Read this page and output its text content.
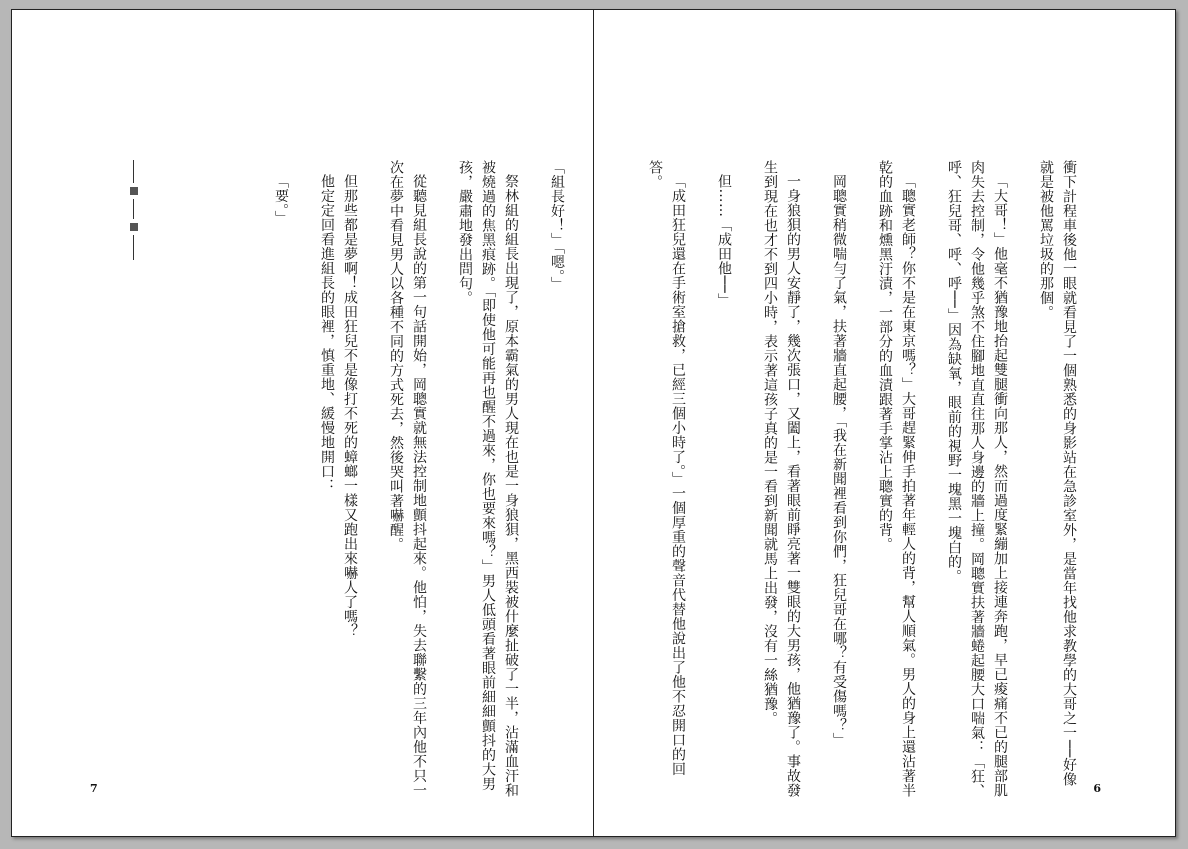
「組長好！」「嗯。」

祭林組的組長出現了，原本霸氣的男人現在也是一身狼狽，黑西裝被什麼扯破了一半，沾滿血汗和被燒過的焦黑痕跡。「即使他可能再也醒不過來，你也要來嗎？」男人低頭看著眼前細細顫抖的大男孩，嚴肅地發出問句。

從聽見組長說的第一句話開始，岡聰實就無法控制地顫抖起來。他怕，失去聯繫的三年內他不只一次在夢中看見男人以各種不同的方式死去，然後哭叫著嚇醒。

但那些都是夢啊！成田狂兒不是像打不死的蟑螂一樣又跑出來嚇人了嗎？

他定定回看進組長的眼裡，慎重地、緩慢地開口：

「要。」

7

衝下計程車後他一眼就看見了一個熟悉的身影站在急診室外，是當年找他求教學的大哥之一──好像就是被他罵垃圾的那個。

「大哥！」他毫不猶豫地抬起雙腿衝向那人，然而過度緊繃加上接連奔跑，早已痠痛不已的腿部肌肉失去控制，令他幾乎煞不住腳地直直往那人身邊的牆上撞。岡聰實扶著牆蜷起腰大口喘氣：「狂、呼、狂兒哥、呼、呼──」因為缺氧，眼前的視野一塊黑一塊白的。

「聰實老師？你不是在東京嗎？」大哥趕緊伸手拍著年輕人的背，幫人順氣。男人的身上還沾著半乾的血跡和燻黑汙漬，一部分的血漬跟著手掌沾上聰實的背。

岡聰實稍微喘勻了氣，扶著牆直起腰，「我在新聞裡看到你們，狂兒哥在哪？有受傷嗎？」

一身狼狽的男人安靜了，幾次張口，又闔上，看著眼前睜亮著一雙眼的大男孩，他猶豫了。事故發生到現在也才不到四小時，表示著這孩子真的是一看到新聞就馬上出發，沒有一絲猶豫。

但……「成田他──」

「成田狂兒還在手術室搶救，已經三個小時了。」一個厚重的聲音代替他說出了他不忍開口的回答。

6
